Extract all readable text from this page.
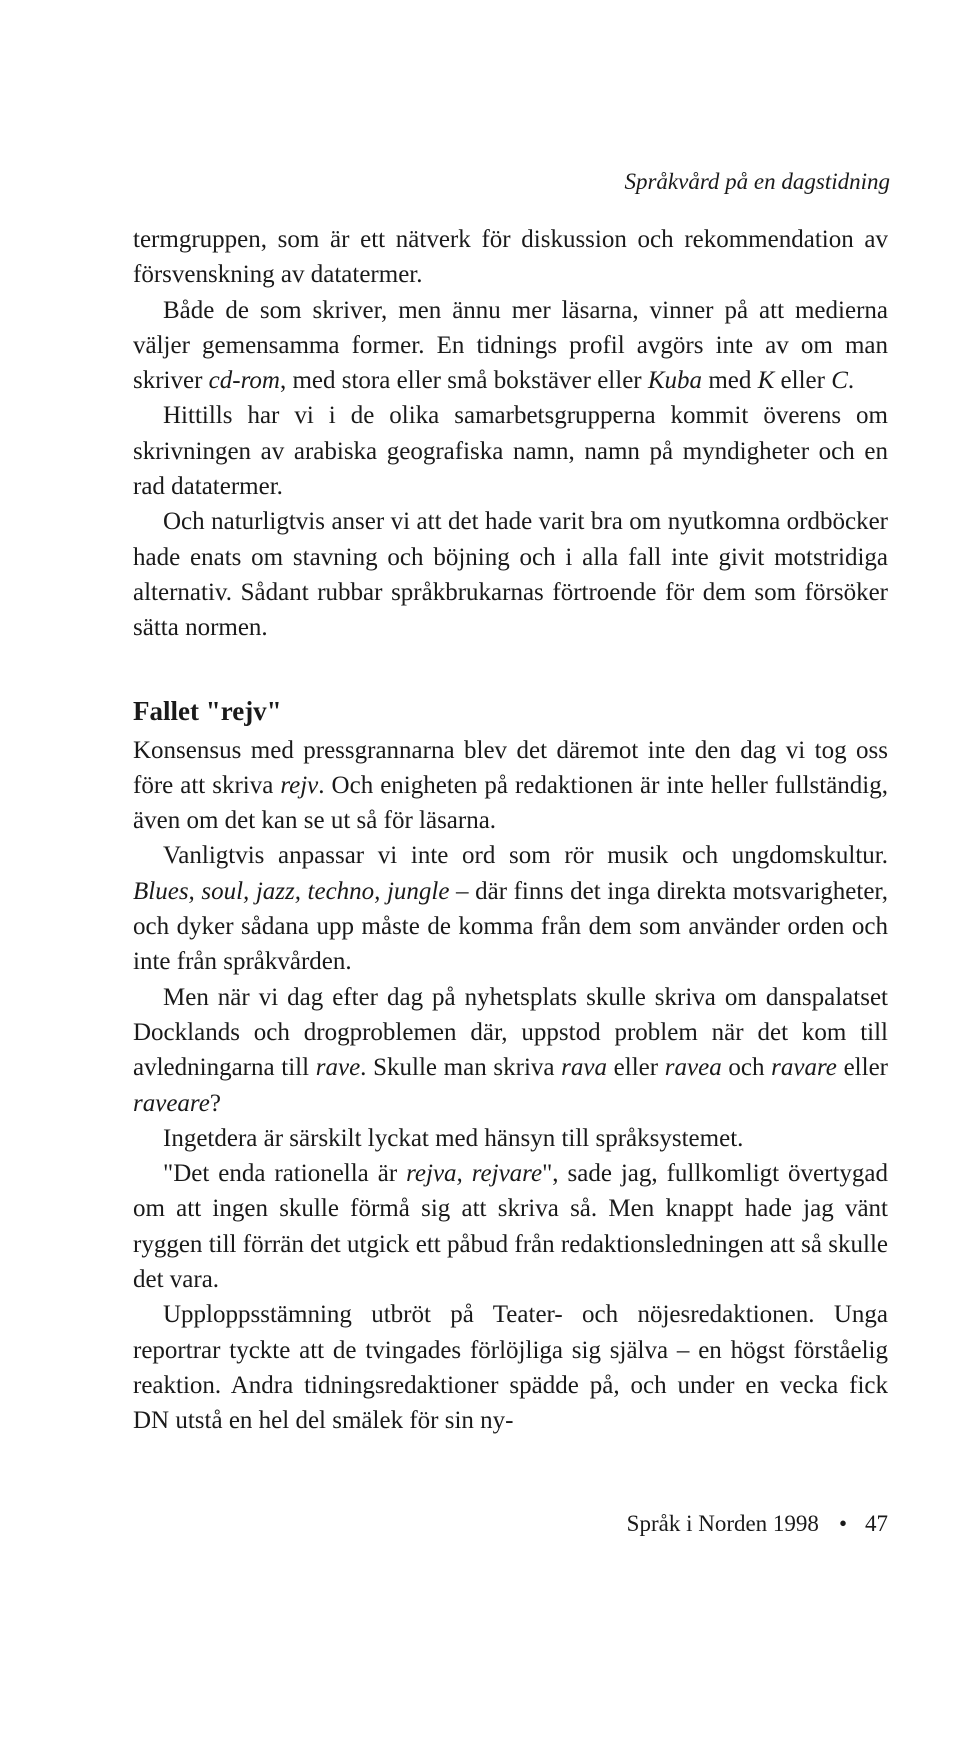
Språkvård på en dagstidning

termgruppen, som är ett nätverk för diskussion och rekommendation av försvenskning av datatermer.

Både de som skriver, men ännu mer läsarna, vinner på att medierna väljer gemensamma former. En tidnings profil avgörs inte av om man skriver cd-rom, med stora eller små bokstäver eller Kuba med K eller C.

Hittills har vi i de olika samarbetsgrupperna kommit överens om skrivningen av arabiska geografiska namn, namn på myndigheter och en rad datatermer.

Och naturligtvis anser vi att det hade varit bra om nyutkomna ordböcker hade enats om stavning och böjning och i alla fall inte givit motstridiga alternativ. Sådant rubbar språkbrukarnas förtroende för dem som försöker sätta normen.

Fallet "rejv"

Konsensus med pressgrannarna blev det däremot inte den dag vi tog oss före att skriva rejv. Och enigheten på redaktionen är inte heller fullständig, även om det kan se ut så för läsarna.

Vanligtvis anpassar vi inte ord som rör musik och ungdomskultur. Blues, soul, jazz, techno, jungle – där finns det inga direkta motsvarigheter, och dyker sådana upp måste de komma från dem som använder orden och inte från språkvården.

Men när vi dag efter dag på nyhetsplats skulle skriva om danspalatset Docklands och drogproblemen där, uppstod problem när det kom till avledningarna till rave. Skulle man skriva rava eller ravea och ravare eller raveare?

Ingetdera är särskilt lyckat med hänsyn till språksystemet.

"Det enda rationella är rejva, rejvare", sade jag, fullkomligt övertygad om att ingen skulle förmå sig att skriva så. Men knappt hade jag vänt ryggen till förrän det utgick ett påbud från redaktionsledningen att så skulle det vara.

Upploppsstämning utbröt på Teater- och nöjesredaktionen. Unga reportrar tyckte att de tvingades förlöjliga sig själva – en högst förståelig reaktion. Andra tidningsredaktioner spädde på, och under en vecka fick DN utstå en hel del smälek för sin ny-

Språk i Norden 1998 • 47
